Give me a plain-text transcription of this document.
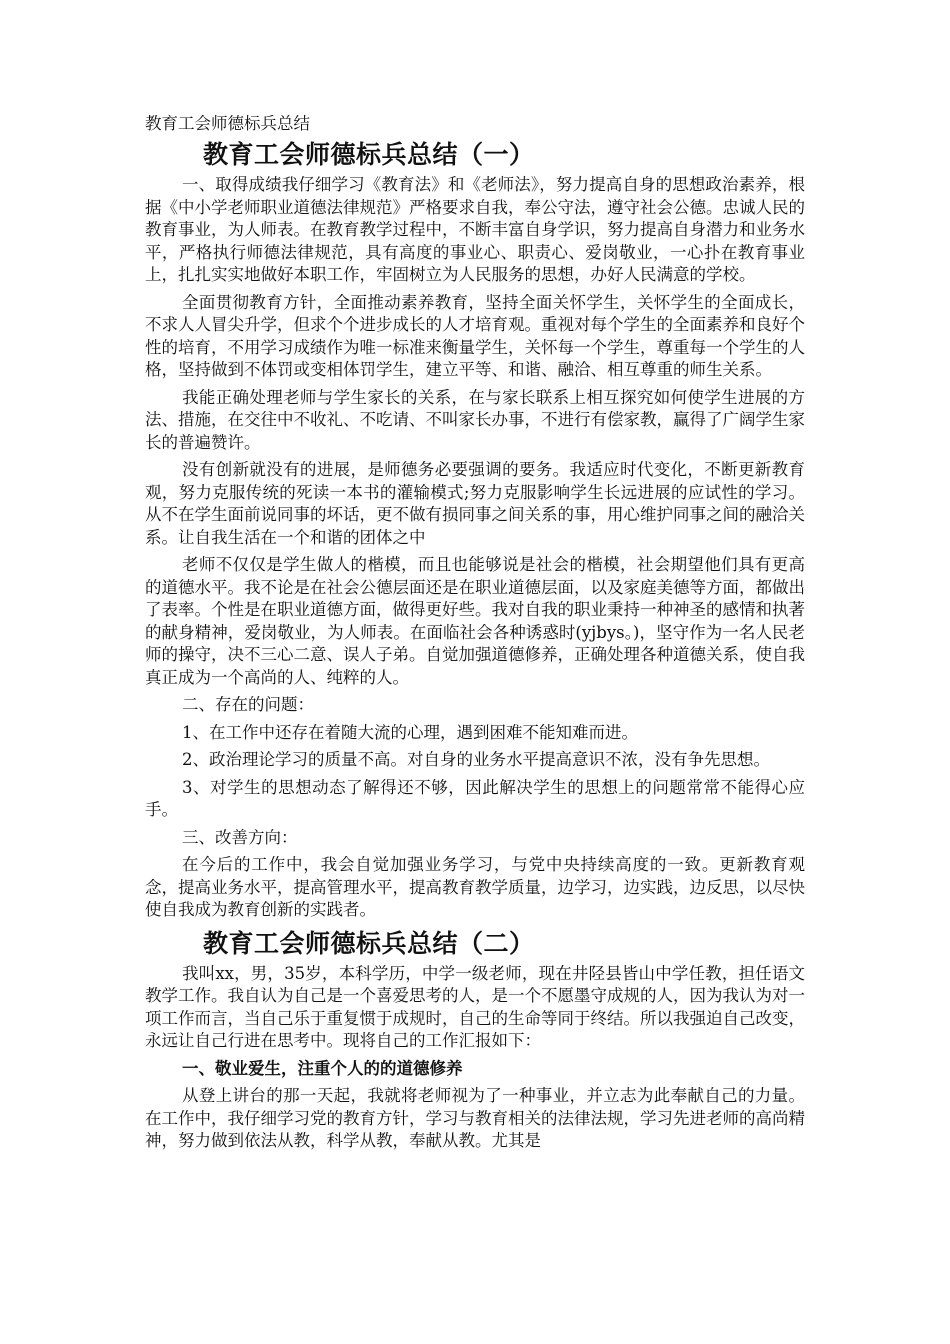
教育工会师德标兵总结
教育工会师德标兵总结（一）

一、取得成绩我仔细学习《教育法》和《老师法》，努力提高自身的思想政治素养，根据《中小学老师职业道德法律规范》严格要求自我，奉公守法，遵守社会公德。忠诚人民的教育事业，为人师表。在教育教学过程中，不断丰富自身学识，努力提高自身潜力和业务水平，严格执行师德法律规范，具有高度的事业心、职责心、爱岗敬业，一心扑在教育事业上，扎扎实实地做好本职工作，牢固树立为人民服务的思想，办好人民满意的学校。

全面贯彻教育方针，全面推动素养教育，坚持全面关怀学生，关怀学生的全面成长，不求人人冒尖升学，但求个个进步成长的人才培育观。重视对每个学生的全面素养和良好个性的培育，不用学习成绩作为唯一标准来衡量学生，关怀每一个学生，尊重每一个学生的人格，坚持做到不体罚或变相体罚学生，建立平等、和谐、融洽、相互尊重的师生关系。

我能正确处理老师与学生家长的关系，在与家长联系上相互探究如何使学生进展的方法、措施，在交往中不收礼、不吃请、不叫家长办事，不进行有偿家教，赢得了广阔学生家长的普遍赞许。

没有创新就没有的进展，是师德务必要强调的要务。我适应时代变化，不断更新教育观，努力克服传统的死读一本书的灌输模式;努力克服影响学生长远进展的应试性的学习。从不在学生面前说同事的坏话，更不做有损同事之间关系的事，用心维护同事之间的融洽关系。让自我生活在一个和谐的团体之中

老师不仅仅是学生做人的楷模，而且也能够说是社会的楷模，社会期望他们具有更高的道德水平。我不论是在社会公德层面还是在职业道德层面，以及家庭美德等方面，都做出了表率。个性是在职业道德方面，做得更好些。我对自我的职业秉持一种神圣的感情和执著的献身精神，爱岗敬业，为人师表。在面临社会各种诱惑时(yjbys。)，坚守作为一名人民老师的操守，决不三心二意、误人子弟。自觉加强道德修养，正确处理各种道德关系，使自我真正成为一个高尚的人、纯粹的人。

二、存在的问题：

1、在工作中还存在着随大流的心理，遇到困难不能知难而进。

2、政治理论学习的质量不高。对自身的业务水平提高意识不浓，没有争先思想。

3、对学生的思想动态了解得还不够，因此解决学生的思想上的问题常常不能得心应手。

三、改善方向：

在今后的工作中，我会自觉加强业务学习，与党中央持续高度的一致。更新教育观念，提高业务水平，提高管理水平，提高教育教学质量，边学习，边实践，边反思，以尽快使自我成为教育创新的实践者。

教育工会师德标兵总结（二）

我叫xx，男，35岁，本科学历，中学一级老师，现在井陉县皆山中学任教，担任语文教学工作。我自认为自己是一个喜爱思考的人，是一个不愿墨守成规的人，因为我认为对一项工作而言，当自己乐于重复惯于成规时，自己的生命等同于终结。所以我强迫自己改变，永远让自己行进在思考中。现将自己的工作汇报如下：

一、敬业爱生，注重个人的的道德修养

从登上讲台的那一天起，我就将老师视为了一种事业，并立志为此奉献自己的力量。在工作中，我仔细学习党的教育方针，学习与教育相关的法律法规，学习先进老师的高尚精神，努力做到依法从教，科学从教，奉献从教。尤其是
